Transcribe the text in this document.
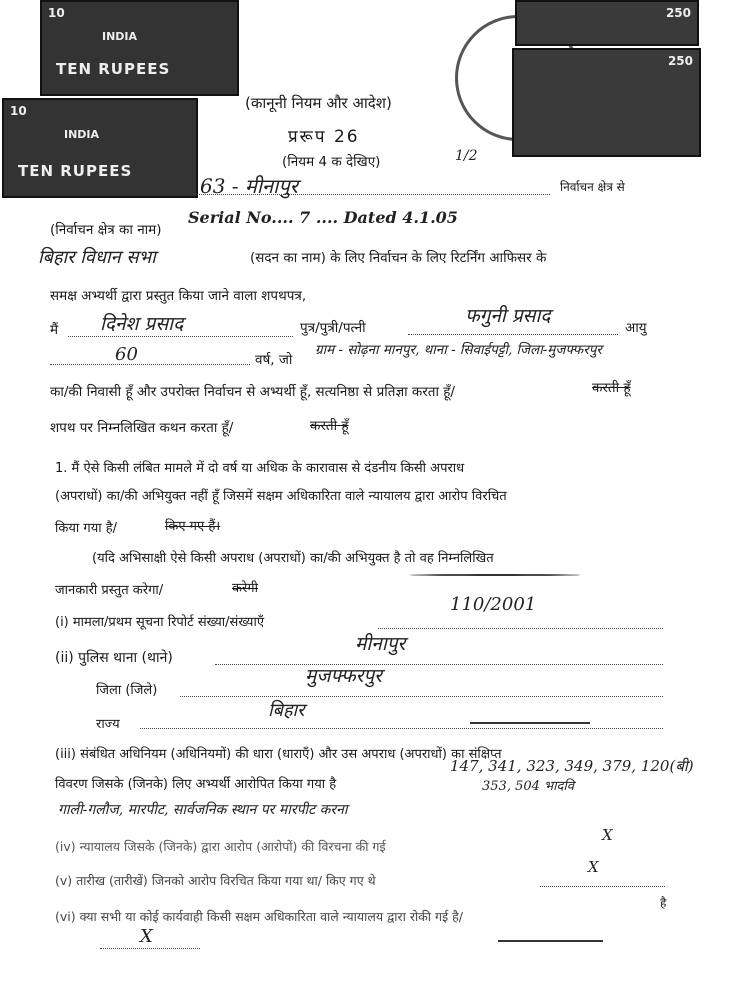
10
INDIA
TEN RUPEES
10
INDIA
TEN RUPEES
250
250
(कानूनी नियम और आदेश)
प्ररूप 26
(नियम 4 क देखिए)	1/2
63 - मीनापुर	निर्वाचन क्षेत्र से
(निर्वाचन क्षेत्र का नाम)
Serial No.... 7 .... Dated 4.1.05
बिहार विधान सभा	(सदन का नाम) के लिए निर्वाचन के लिए रिटर्निंग आफिसर के
समक्ष अभ्यर्थी द्वारा प्रस्तुत किया जाने वाला शपथपत्र,
मैं दिनेश प्रसाद	पुत्र/पुत्री/पत्नी
फगुनी प्रसाद
आयु
60	वर्ष, जो
ग्राम - सोढ़ना मानपुर, थाना - सिवाईपट्टी, जिला-मुजफ्फरपुर
का/की निवासी हूँ और उपरोक्त निर्वाचन से अभ्यर्थी हूँ, सत्यनिष्ठा से प्रतिज्ञा करता हूँ/	करती हूँ
शपथ पर निम्नलिखित कथन करता हूँ/	करती हूँ
1. मैं ऐसे किसी लंबित मामले में दो वर्ष या अधिक के कारावास से दंडनीय किसी अपराध
(अपराधों) का/की अभियुक्त नहीं हूँ जिसमें सक्षम अधिकारिता वाले न्यायालय द्वारा आरोप विरचित
किया गया है/	किए गए हैं।
(यदि अभिसाक्षी ऐसे किसी अपराध (अपराधों) का/की अभियुक्त है तो वह निम्नलिखित
जानकारी प्रस्तुत करेगा/	करेगी
(i) मामला/प्रथम सूचना रिपोर्ट संख्या/संख्याएँ
110/2001
(ii) पुलिस थाना (थाने)
मीनापुर
जिला (जिले)
मुजफ्फरपुर
राज्य
बिहार
(iii) संबंधित अधिनियम (अधिनियमों) की धारा (धाराएँ) और उस अपराध (अपराधों) का संक्षिप्त
विवरण जिसके (जिनके) लिए अभ्यर्थी आरोपित किया गया है
147, 341, 323, 349, 379, 120(बी)
353, 504 भादवि
गाली-गलौज, मारपीट, सार्वजनिक स्थान पर मारपीट करना
(iv) न्यायालय जिसके (जिनके) द्वारा आरोप (आरोपों) की विरचना की गई
X
(v) तारीख (तारीखें) जिनको आरोप विरचित किया गया था/ किए गए थे
X
(vi) क्या सभी या कोई कार्यवाही किसी सक्षम अधिकारिता वाले न्यायालय द्वारा रोकी गई है/
है
X
